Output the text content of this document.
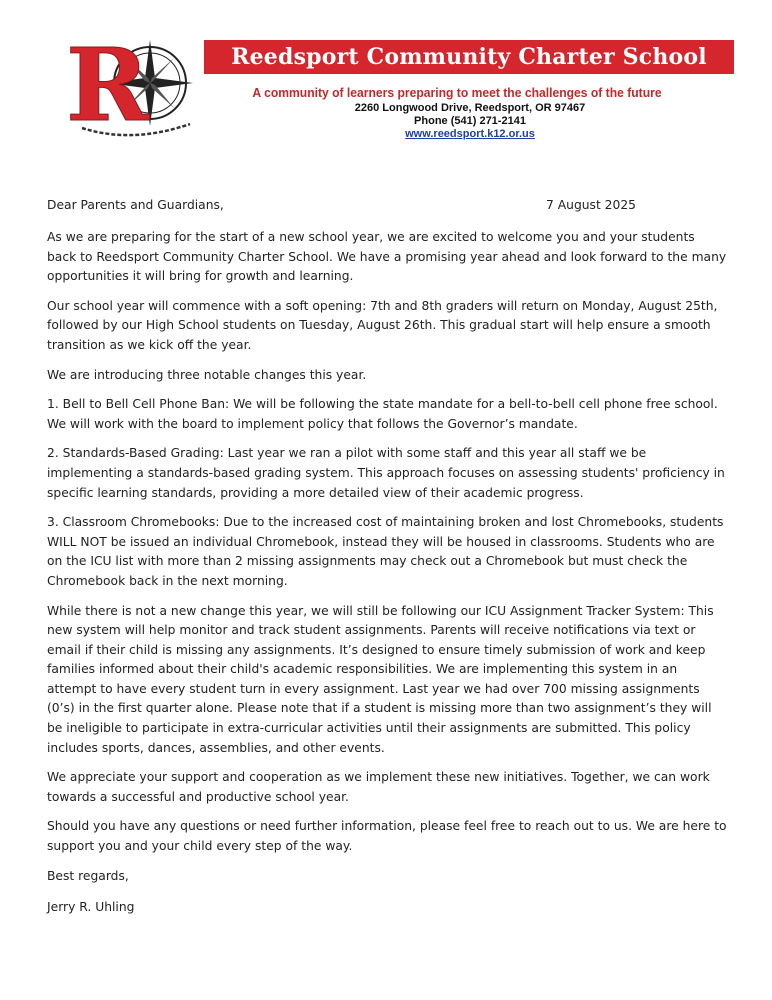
R	Reedsport Community Charter School
A community of learners preparing to meet the challenges of the future
2260 Longwood Drive, Reedsport, OR 97467
Phone (541) 271-2141
www.reedsport.k12.or.us
Dear Parents and Guardians,	7 August 2025

As we are preparing for the start of a new school year, we are excited to welcome you and your students back to Reedsport Community Charter School. We have a promising year ahead and look forward to the many opportunities it will bring for growth and learning.

Our school year will commence with a soft opening: 7th and 8th graders will return on Monday, August 25th, followed by our High School students on Tuesday, August 26th. This gradual start will help ensure a smooth transition as we kick off the year.

We are introducing three notable changes this year.

1. Bell to Bell Cell Phone Ban: We will be following the state mandate for a bell-to-bell cell phone free school. We will work with the board to implement policy that follows the Governor’s mandate.

2. Standards-Based Grading: Last year we ran a pilot with some staff and this year all staff we be implementing a standards-based grading system. This approach focuses on assessing students' proficiency in specific learning standards, providing a more detailed view of their academic progress.

3. Classroom Chromebooks: Due to the increased cost of maintaining broken and lost Chromebooks, students WILL NOT be issued an individual Chromebook, instead they will be housed in classrooms. Students who are on the ICU list with more than 2 missing assignments may check out a Chromebook but must check the Chromebook back in the next morning.

While there is not a new change this year, we will still be following our ICU Assignment Tracker System: This new system will help monitor and track student assignments. Parents will receive notifications via text or email if their child is missing any assignments. It’s designed to ensure timely submission of work and keep families informed about their child's academic responsibilities. We are implementing this system in an attempt to have every student turn in every assignment. Last year we had over 700 missing assignments (0’s) in the first quarter alone. Please note that if a student is missing more than two assignment’s they will be ineligible to participate in extra-curricular activities until their assignments are submitted. This policy includes sports, dances, assemblies, and other events.

We appreciate your support and cooperation as we implement these new initiatives. Together, we can work towards a successful and productive school year.

Should you have any questions or need further information, please feel free to reach out to us. We are here to support you and your child every step of the way.

Best regards,

Jerry R. Uhling
